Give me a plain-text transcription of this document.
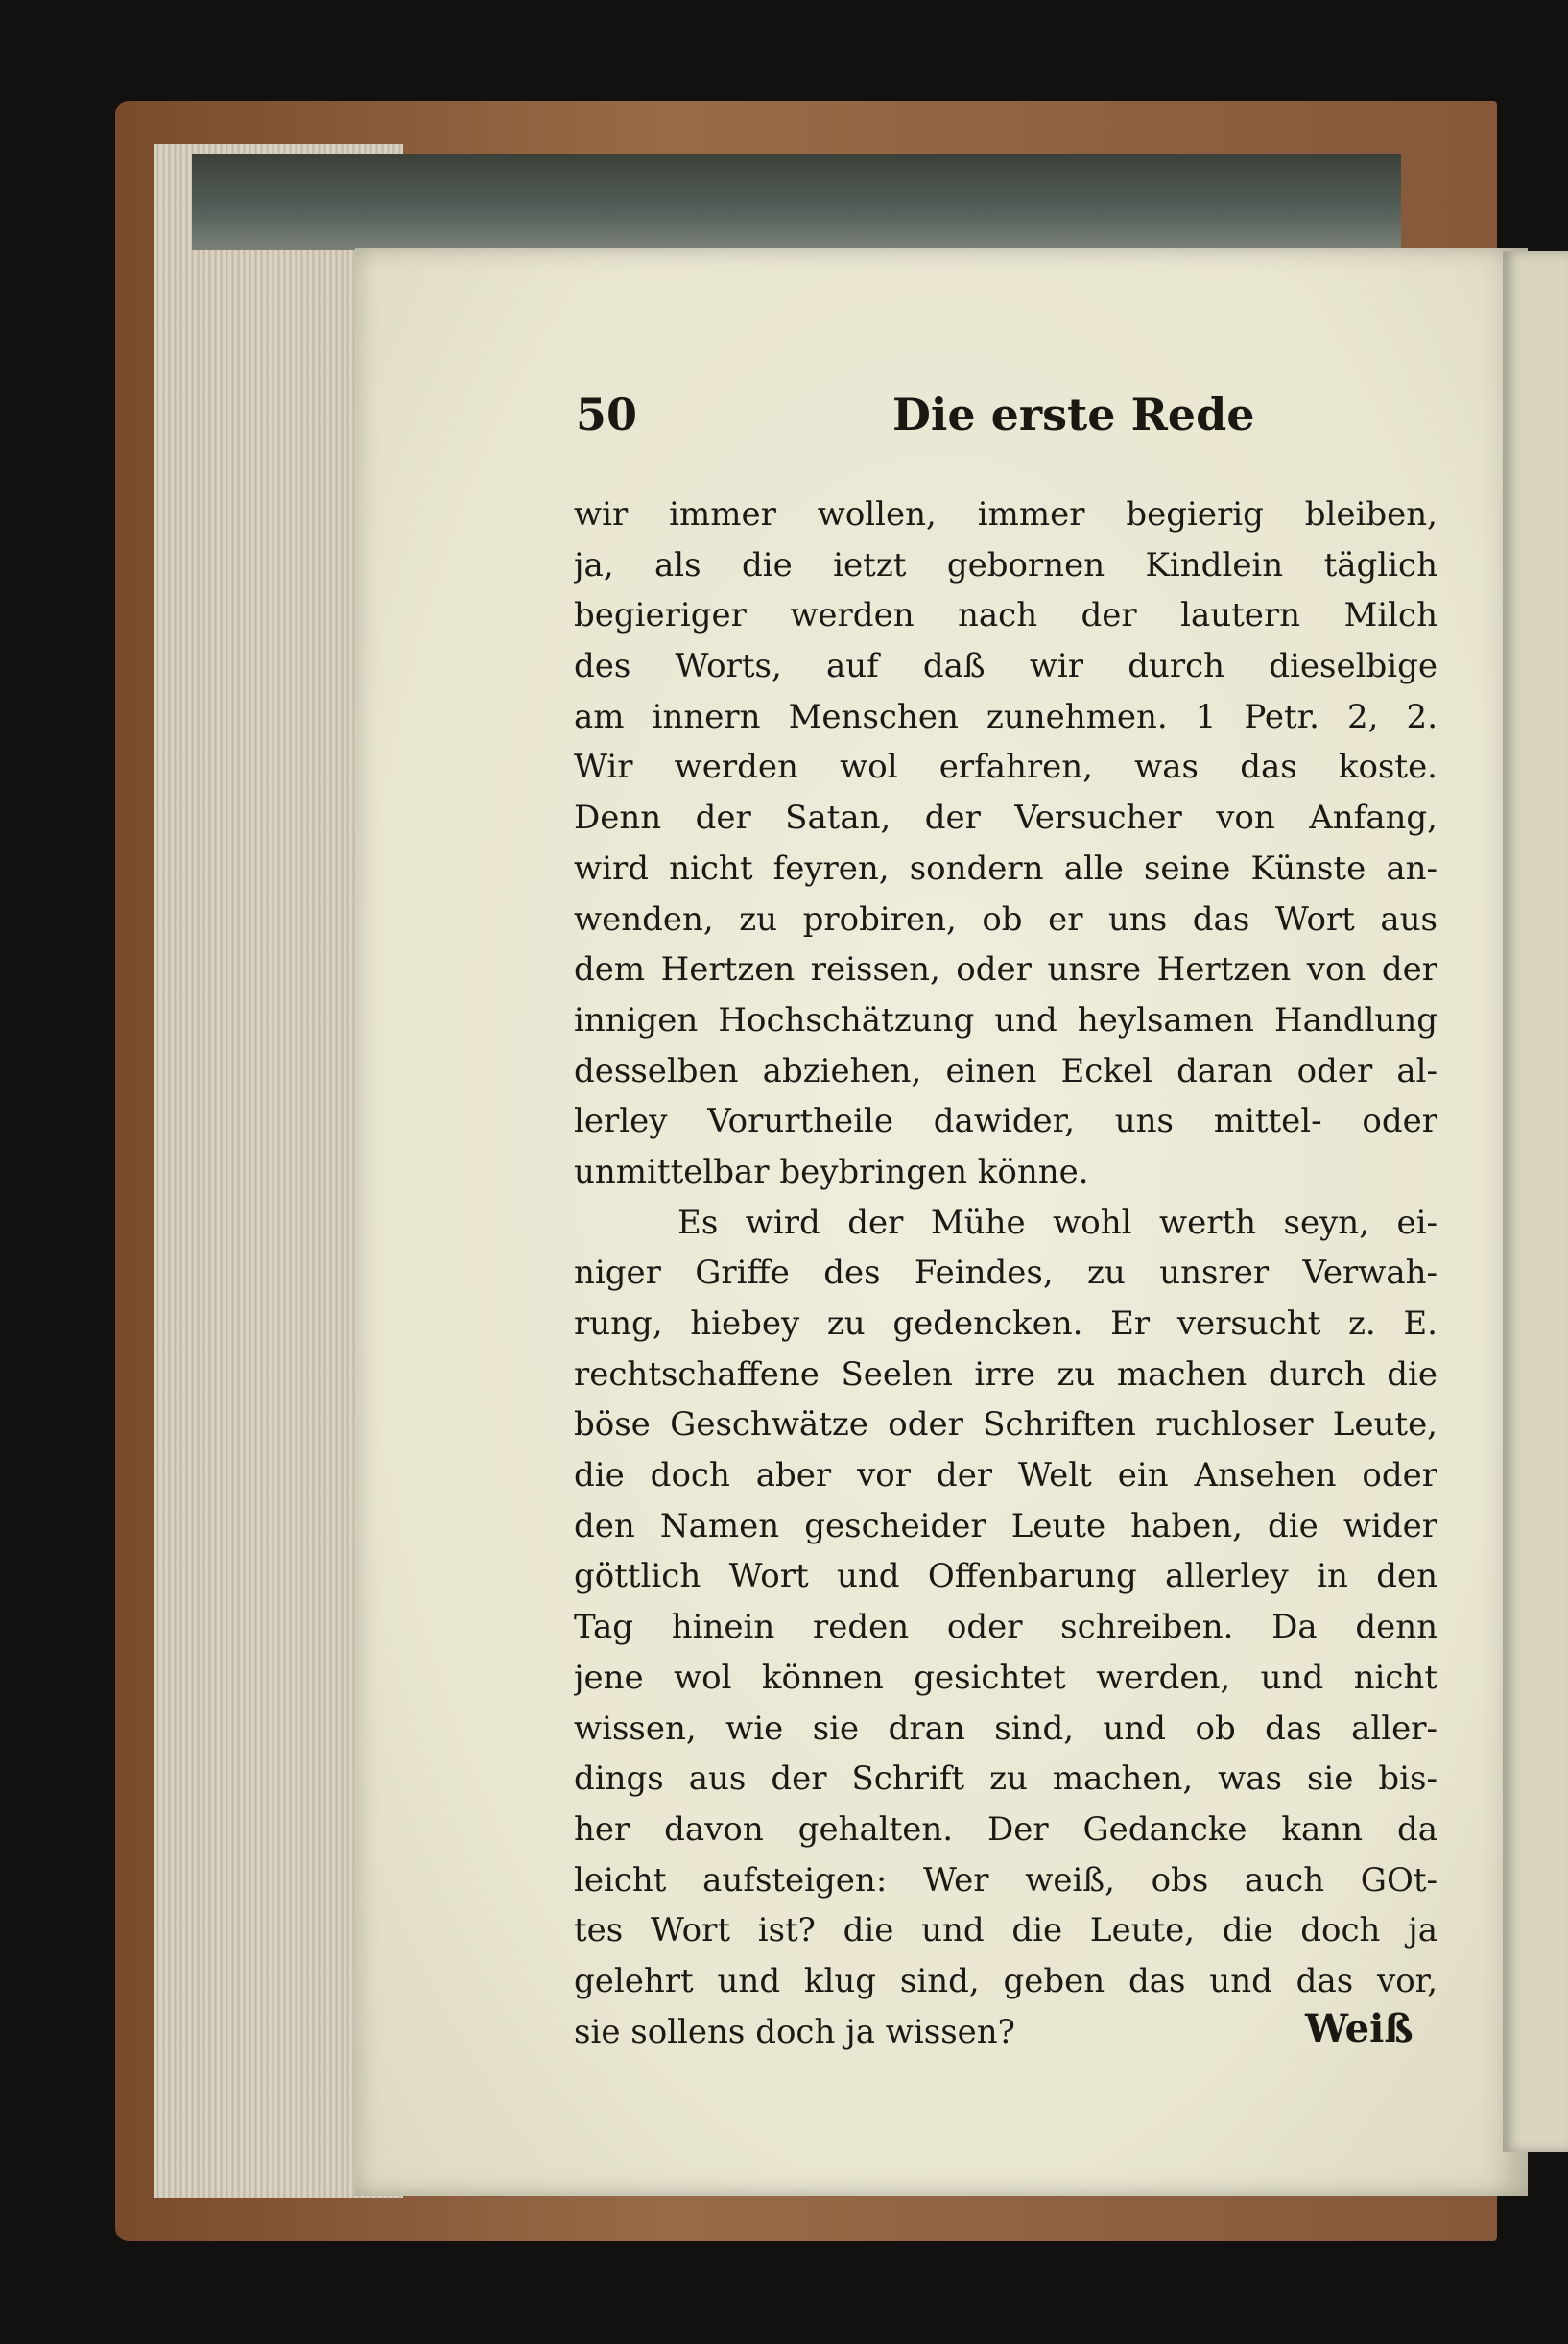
50	Die erste Rede
wir immer wollen, immer begierig bleiben,
ja, als die ietzt gebornen Kindlein täglich
begieriger werden nach der lautern Milch
des Worts, auf daß wir durch dieselbige
am innern Menschen zunehmen. 1 Petr. 2, 2.
Wir werden wol erfahren, was das koste.
Denn der Satan, der Versucher von Anfang,
wird nicht feyren, sondern alle seine Künste an-
wenden, zu probiren, ob er uns das Wort aus
dem Hertzen reissen, oder unsre Hertzen von der
innigen Hochschätzung und heylsamen Handlung
desselben abziehen, einen Eckel daran oder al-
lerley Vorurtheile dawider, uns mittel- oder
unmittelbar beybringen könne.
Es wird der Mühe wohl werth seyn, ei-
niger Griffe des Feindes, zu unsrer Verwah-
rung, hiebey zu gedencken. Er versucht z. E.
rechtschaffene Seelen irre zu machen durch die
böse Geschwätze oder Schriften ruchloser Leute,
die doch aber vor der Welt ein Ansehen oder
den Namen gescheider Leute haben, die wider
göttlich Wort und Offenbarung allerley in den
Tag hinein reden oder schreiben. Da denn
jene wol können gesichtet werden, und nicht
wissen, wie sie dran sind, und ob das aller-
dings aus der Schrift zu machen, was sie bis-
her davon gehalten. Der Gedancke kann da
leicht aufsteigen: Wer weiß, obs auch GOt-
tes Wort ist? die und die Leute, die doch ja
gelehrt und klug sind, geben das und das vor,
sie sollens doch ja wissen?	Weiß
